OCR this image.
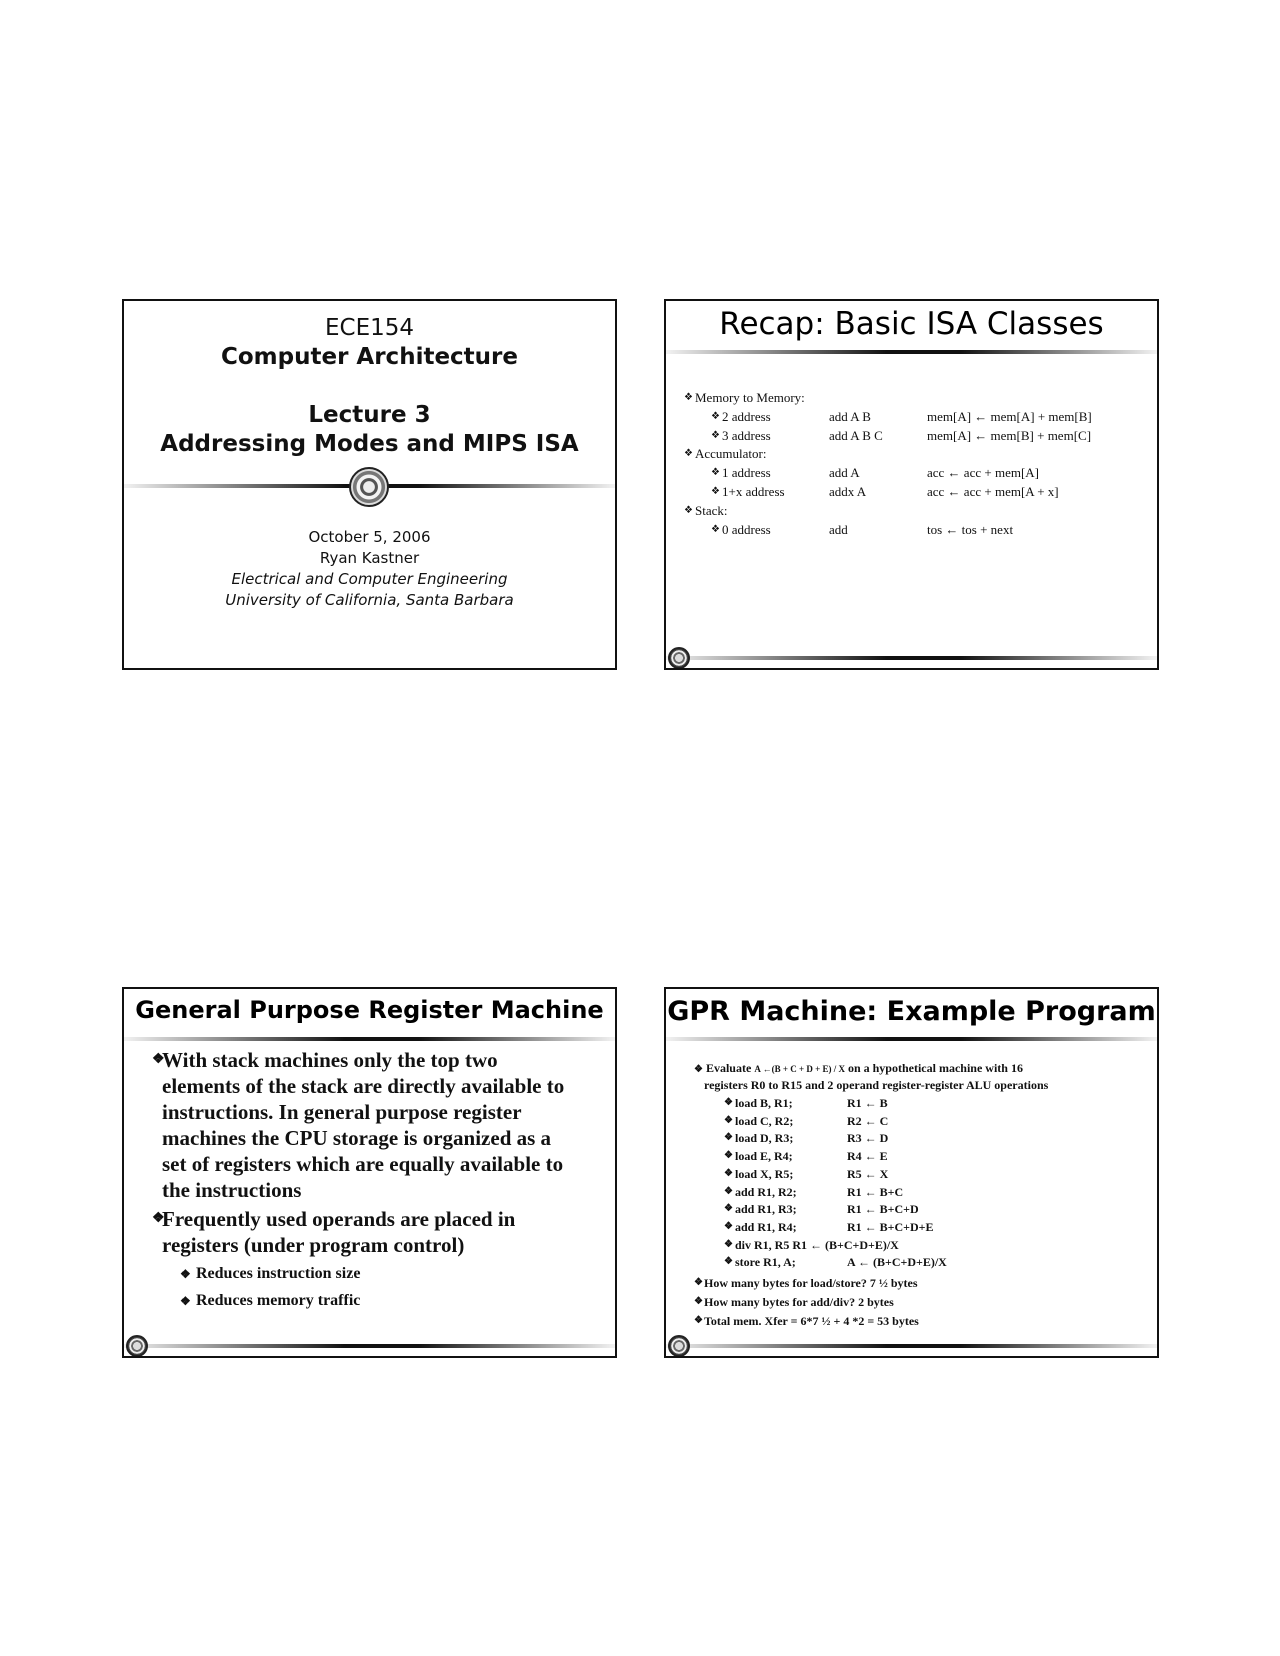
ECE154
Computer Architecture
Lecture 3
Addressing Modes and MIPS ISA
October 5, 2006
Ryan Kastner
Electrical and Computer Engineering
University of California, Santa Barbara
Recap: Basic ISA Classes
❖ Memory to Memory:
❖ 2 address	add A B	mem[A] ← mem[A] + mem[B]
❖ 3 address	add A B C	mem[A] ← mem[B] + mem[C]
❖ Accumulator:
❖ 1 address	add A	acc ← acc + mem[A]
❖ 1+x address	addx A	acc ← acc + mem[A + x]
❖ Stack:
❖ 0 address	add	tos ← tos + next
General Purpose Register Machine
❖
With stack machines only the top two
elements of the stack are directly available to
instructions. In general purpose register
machines the CPU storage is organized as a
set of registers which are equally available to
the instructions
❖
Frequently used operands are placed in
registers (under program control)
❖ Reduces instruction size
❖ Reduces memory traffic
GPR Machine: Example Program
❖ Evaluate A ←(B + C + D + E) / X on a hypothetical machine with 16
registers R0 to R15 and 2 operand register-register ALU operations
❖ load B, R1;	R1 ← B
❖ load C, R2;	R2 ← C
❖ load D, R3;	R3 ← D
❖ load E, R4;	R4 ← E
❖ load X, R5;	R5 ← X
❖ add R1, R2;	R1 ← B+C
❖ add R1, R3;	R1 ← B+C+D
❖ add R1, R4;	R1 ← B+C+D+E
❖ div R1, R5 R1 ← (B+C+D+E)/X
❖ store R1, A;	A ← (B+C+D+E)/X
❖ How many bytes for load/store? 7 ½ bytes
❖ How many bytes for add/div? 2 bytes
❖ Total mem. Xfer = 6*7 ½ + 4 *2 = 53 bytes
